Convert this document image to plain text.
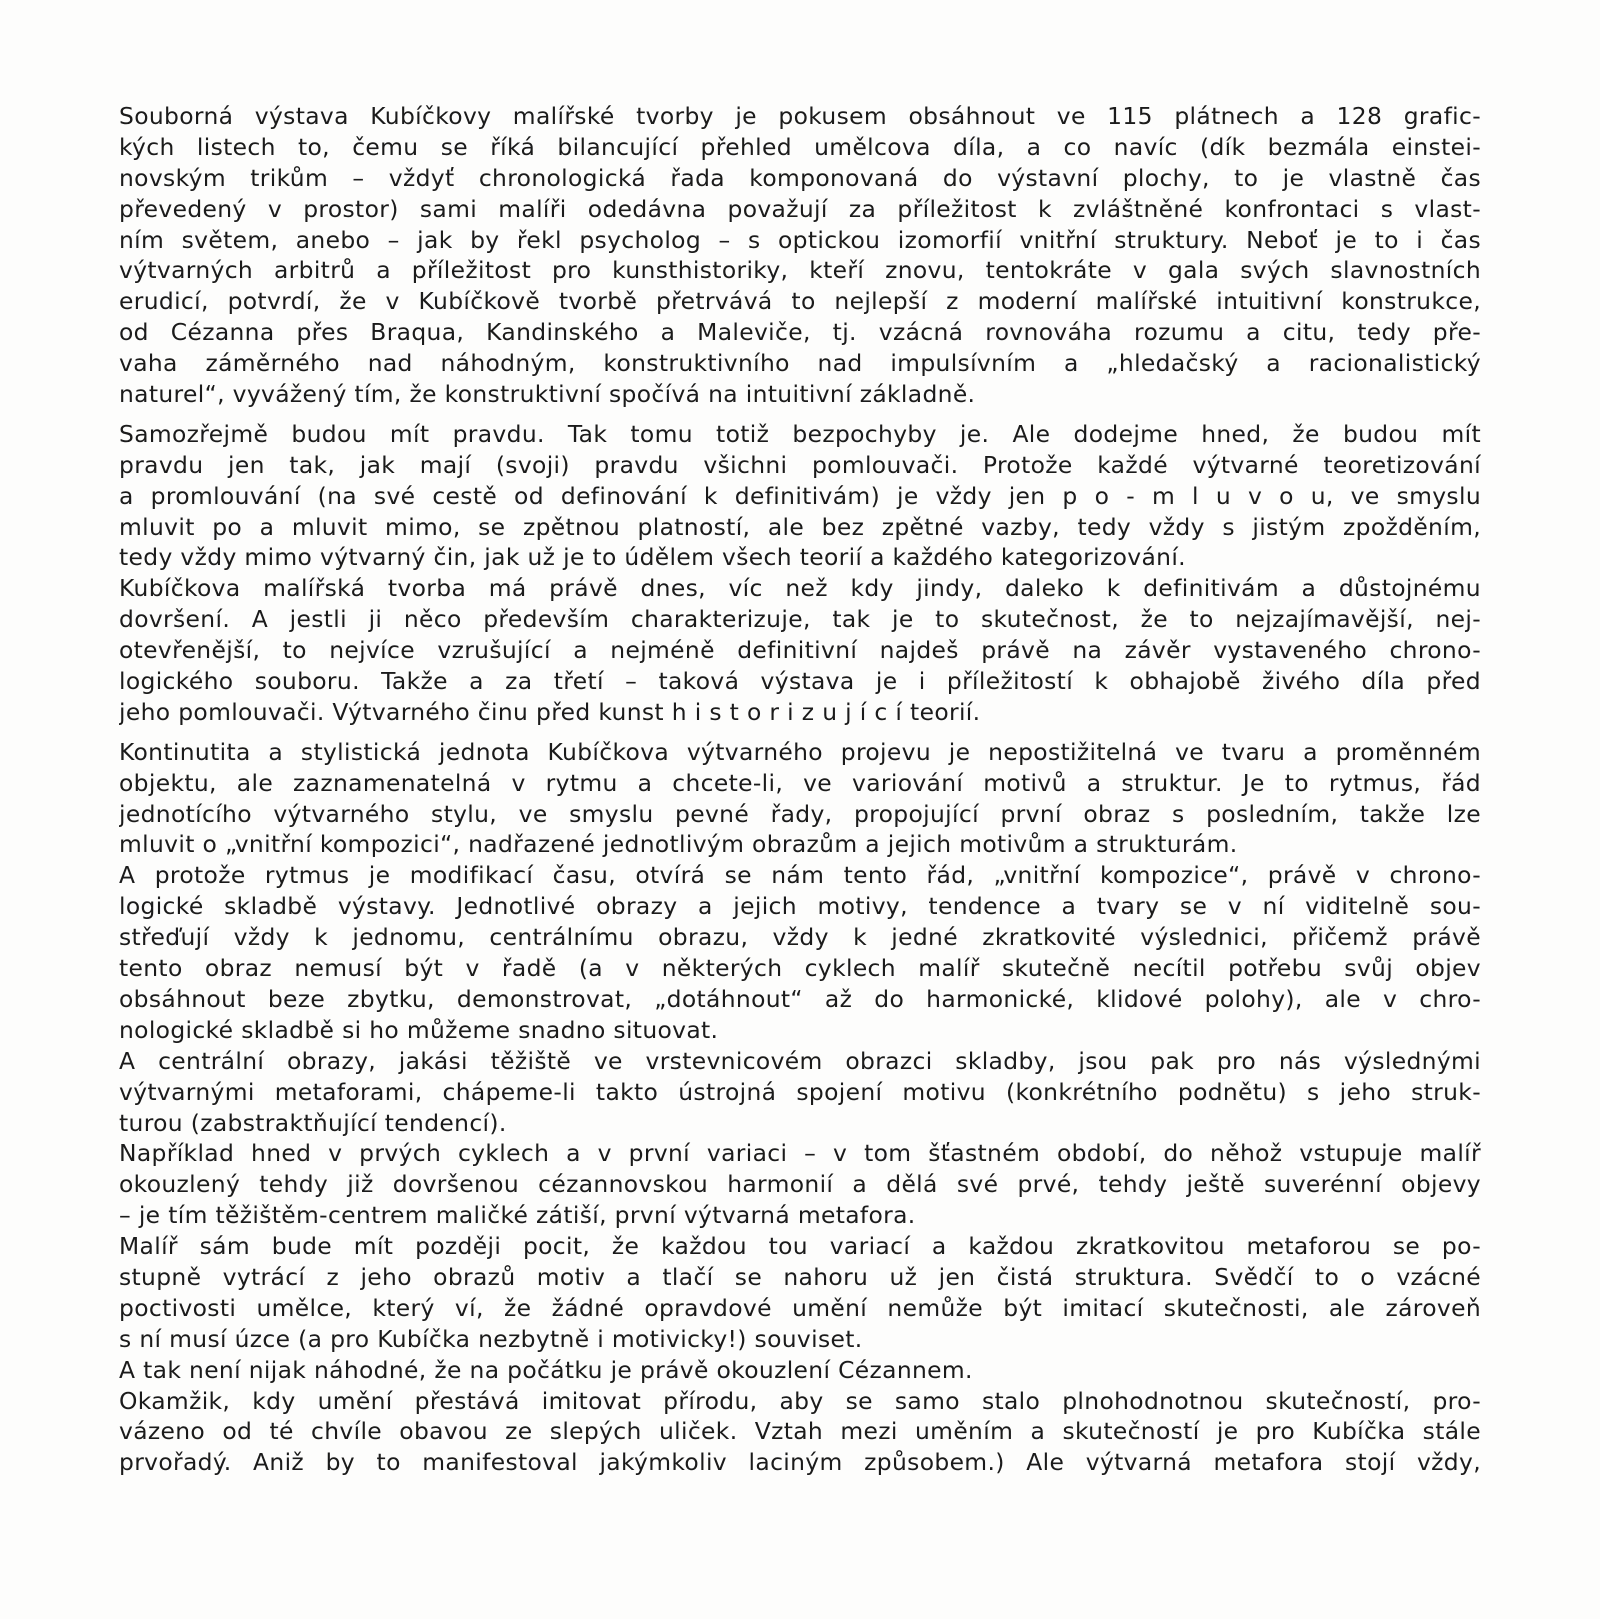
Souborná výstava Kubíčkovy malířské tvorby je pokusem obsáhnout ve 115 plátnech a 128 grafic-
kých listech to, čemu se říká bilancující přehled umělcova díla, a co navíc (dík bezmála einstei-
novským trikům – vždyť chronologická řada komponovaná do výstavní plochy, to je vlastně čas
převedený v prostor) sami malíři odedávna považují za příležitost k zvláštněné konfrontaci s vlast-
ním světem, anebo – jak by řekl psycholog – s optickou izomorfií vnitřní struktury. Neboť je to i čas
výtvarných arbitrů a příležitost pro kunsthistoriky, kteří znovu, tentokráte v gala svých slavnostních
erudicí, potvrdí, že v Kubíčkově tvorbě přetrvává to nejlepší z moderní malířské intuitivní konstrukce,
od Cézanna přes Braqua, Kandinského a Maleviče, tj. vzácná rovnováha rozumu a citu, tedy pře-
vaha záměrného nad náhodným, konstruktivního nad impulsívním a „hledačský a racionalistický
naturel“, vyvážený tím, že konstruktivní spočívá na intuitivní základně.
Samozřejmě budou mít pravdu. Tak tomu totiž bezpochyby je. Ale dodejme hned, že budou mít
pravdu jen tak, jak mají (svoji) pravdu všichni pomlouvači. Protože každé výtvarné teoretizování
a promlouvání (na své cestě od definování k definitivám) je vždy jen p o - m l u v o u, ve smyslu
mluvit po a mluvit mimo, se zpětnou platností, ale bez zpětné vazby, tedy vždy s jistým zpožděním,
tedy vždy mimo výtvarný čin, jak už je to údělem všech teorií a každého kategorizování.
Kubíčkova malířská tvorba má právě dnes, víc než kdy jindy, daleko k definitivám a důstojnému
dovršení. A jestli ji něco především charakterizuje, tak je to skutečnost, že to nejzajímavější, nej-
otevřenější, to nejvíce vzrušující a nejméně definitivní najdeš právě na závěr vystaveného chrono-
logického souboru. Takže a za třetí – taková výstava je i příležitostí k obhajobě živého díla před
jeho pomlouvači. Výtvarného činu před kunst h i s t o r i z u j í c í teorií.
Kontinutita a stylistická jednota Kubíčkova výtvarného projevu je nepostižitelná ve tvaru a proměnném
objektu, ale zaznamenatelná v rytmu a chcete-li, ve variování motivů a struktur. Je to rytmus, řád
jednotícího výtvarného stylu, ve smyslu pevné řady, propojující první obraz s posledním, takže lze
mluvit o „vnitřní kompozici“, nadřazené jednotlivým obrazům a jejich motivům a strukturám.
A protože rytmus je modifikací času, otvírá se nám tento řád, „vnitřní kompozice“, právě v chrono-
logické skladbě výstavy. Jednotlivé obrazy a jejich motivy, tendence a tvary se v ní viditelně sou-
střeďují vždy k jednomu, centrálnímu obrazu, vždy k jedné zkratkovité výslednici, přičemž právě
tento obraz nemusí být v řadě (a v některých cyklech malíř skutečně necítil potřebu svůj objev
obsáhnout beze zbytku, demonstrovat, „dotáhnout“ až do harmonické, klidové polohy), ale v chro-
nologické skladbě si ho můžeme snadno situovat.
A centrální obrazy, jakási těžiště ve vrstevnicovém obrazci skladby, jsou pak pro nás výslednými
výtvarnými metaforami, chápeme-li takto ústrojná spojení motivu (konkrétního podnětu) s jeho struk-
turou (zabstraktňující tendencí).
Například hned v prvých cyklech a v první variaci – v tom šťastném období, do něhož vstupuje malíř
okouzlený tehdy již dovršenou cézannovskou harmonií a dělá své prvé, tehdy ještě suverénní objevy
– je tím těžištěm-centrem maličké zátiší, první výtvarná metafora.
Malíř sám bude mít později pocit, že každou tou variací a každou zkratkovitou metaforou se po-
stupně vytrácí z jeho obrazů motiv a tlačí se nahoru už jen čistá struktura. Svědčí to o vzácné
poctivosti umělce, který ví, že žádné opravdové umění nemůže být imitací skutečnosti, ale zároveň
s ní musí úzce (a pro Kubíčka nezbytně i motivicky!) souviset.
A tak není nijak náhodné, že na počátku je právě okouzlení Cézannem.
Okamžik, kdy umění přestává imitovat přírodu, aby se samo stalo plnohodnotnou skutečností, pro-
vázeno od té chvíle obavou ze slepých uliček. Vztah mezi uměním a skutečností je pro Kubíčka stále
prvořadý. Aniž by to manifestoval jakýmkoliv laciným způsobem.) Ale výtvarná metafora stojí vždy,
